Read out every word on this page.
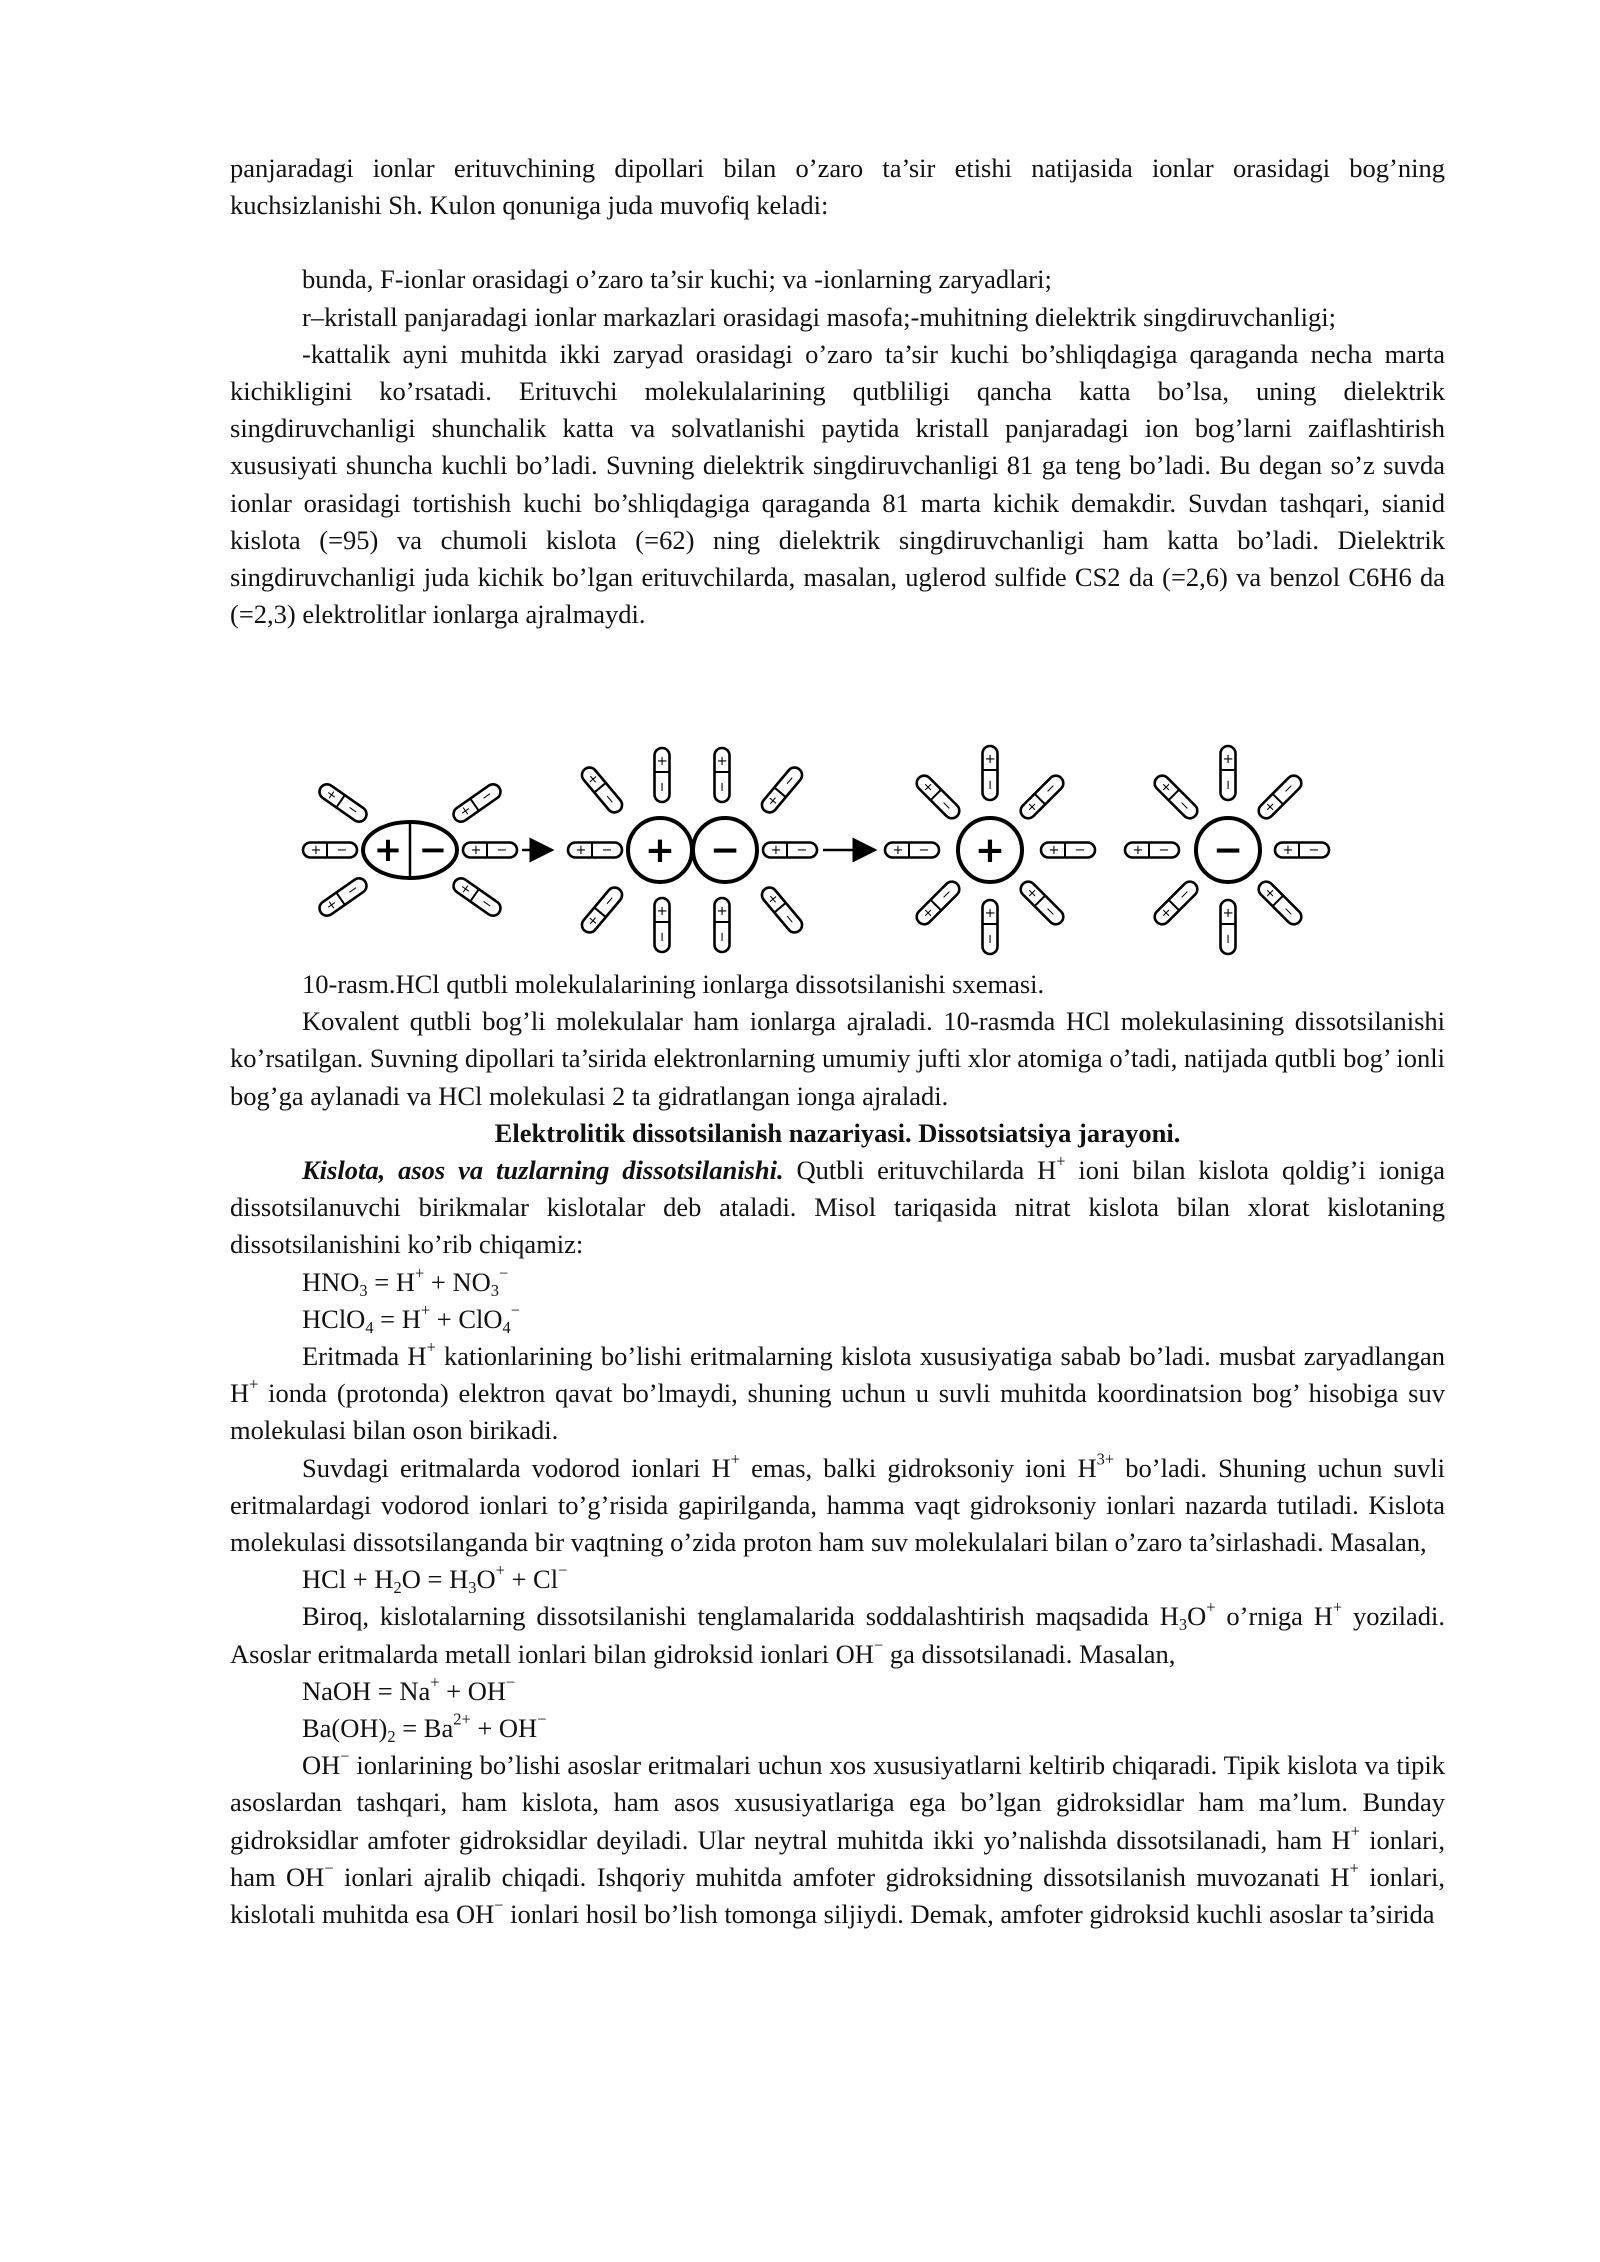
panjaradagi ionlar erituvchining dipollari bilan o’zaro ta’sir etishi natijasida ionlar orasidagi bog’ning kuchsizlanishi Sh. Kulon qonuniga juda muvofiq keladi:

bunda, F-ionlar orasidagi o’zaro ta’sir kuchi; va -ionlarning zaryadlari;

r–kristall panjaradagi ionlar markazlari orasidagi masofa;-muhitning dielektrik singdiruvchanligi;

-kattalik ayni muhitda ikki zaryad orasidagi o’zaro ta’sir kuchi bo’shliqdagiga qaraganda necha marta kichikligini ko’rsatadi. Erituvchi molekulalarining qutbliligi qancha katta bo’lsa, uning dielektrik singdiruvchanligi shunchalik katta va solvatlanishi paytida kristall panjaradagi ion bog’larni zaiflashtirish xususiyati shuncha kuchli bo’ladi. Suvning dielektrik singdiruvchanligi 81 ga teng bo’ladi. Bu degan so’z suvda ionlar orasidagi tortishish kuchi bo’shliqdagiga qaraganda 81 marta kichik demakdir. Suvdan tashqari, sianid kislota (=95) va chumoli kislota (=62) ning dielektrik singdiruvchanligi ham katta bo’ladi. Dielektrik singdiruvchanligi juda kichik bo’lgan erituvchilarda, masalan, uglerod sulfide CS2 da (=2,6) va benzol C6H6 da (=2,3) elektrolitlar ionlarga ajralmaydi.

+	−
+ −	+ −	+	−

10-rasm.HCl qutbli molekulalarining ionlarga dissotsilanishi sxemasi.

Kovalent qutbli bog’li molekulalar ham ionlarga ajraladi. 10-rasmda HCl molekulasining dissotsilanishi ko’rsatilgan. Suvning dipollari ta’sirida elektronlarning umumiy jufti xlor atomiga o’tadi, natijada qutbli bog’ ionli bog’ga aylanadi va HCl molekulasi 2 ta gidratlangan ionga ajraladi.

Elektrolitik dissotsilanish nazariyasi. Dissotsiatsiya jarayoni.

Kislota, asos va tuzlarning dissotsilanishi. Qutbli erituvchilarda H+ ioni bilan kislota qoldig’i ioniga dissotsilanuvchi birikmalar kislotalar deb ataladi. Misol tariqasida nitrat kislota bilan xlorat kislotaning dissotsilanishini ko’rib chiqamiz:

$HNO_3 = H^+ + NO_3^-$

HClO$_4$ = H+ + ClO$_4$−

Eritmada H+ kationlarining bo’lishi eritmalarning kislota xususiyatiga sabab bo’ladi. musbat zaryadlangan H+ ionda (protonda) elektron qavat bo’lmaydi, shuning uchun u suvli muhitda koordinatsion bog’ hisobiga suv molekulasi bilan oson birikadi.

Suvdagi eritmalarda vodorod ionlari H+ emas, balki gidroksoniy ioni $H^{3+}$ bo’ladi. Shuning uchun suvli eritmalardagi vodorod ionlari to’g’risida gapirilganda, hamma vaqt gidroksoniy ionlari nazarda tutiladi. Kislota molekulasi dissotsilanganda bir vaqtning o’zida proton ham suv molekulalari bilan o’zaro ta’sirlashadi. Masalan,

HCl + $H_2O = H_3O^+ + Cl^-$

Biroq, kislotalarning dissotsilanishi tenglamalarida soddalashtirish maqsadida $H_3O^+$ o’rniga H+ yoziladi. Asoslar eritmalarda metall ionlari bilan gidroksid ionlari OH− ga dissotsilanadi. Masalan,

NaOH = Na+ + OH−

$Ba(OH)_2 = Ba^{2+} + OH^-$

OH− ionlarining bo’lishi asoslar eritmalari uchun xos xususiyatlarni keltirib chiqaradi. Tipik kislota va tipik asoslardan tashqari, ham kislota, ham asos xususiyatlariga ega bo’lgan gidroksidlar ham ma’lum. Bunday gidroksidlar amfoter gidroksidlar deyiladi. Ular neytral muhitda ikki yo’nalishda dissotsilanadi, ham H+ ionlari, ham OH− ionlari ajralib chiqadi. Ishqoriy muhitda amfoter gidroksidning dissotsilanish muvozanati H+ ionlari, kislotali muhitda esa OH− ionlari hosil bo’lish tomonga siljiydi. Demak, amfoter gidroksid kuchli asoslar ta’sirida
